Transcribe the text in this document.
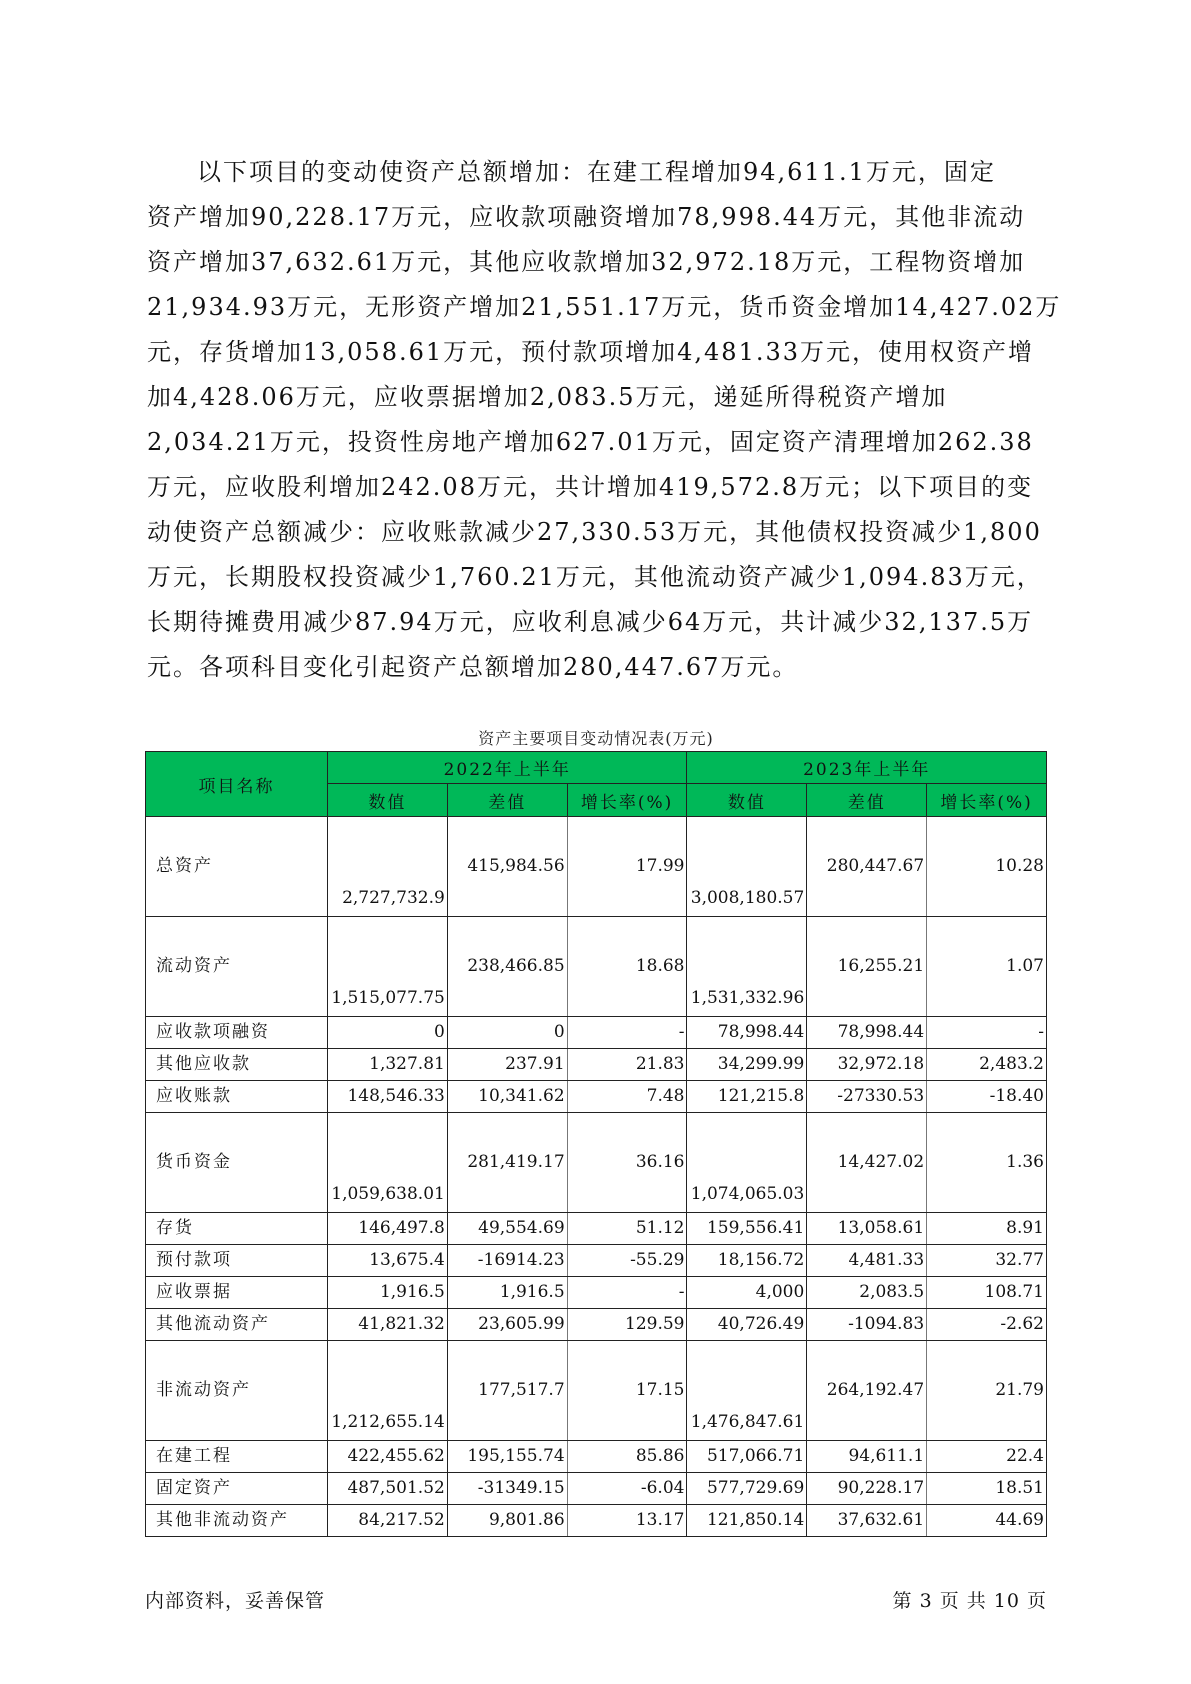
以下项目的变动使资产总额增加：在建工程增加94,611.1万元，固定
资产增加90,228.17万元，应收款项融资增加78,998.44万元，其他非流动
资产增加37,632.61万元，其他应收款增加32,972.18万元，工程物资增加
21,934.93万元，无形资产增加21,551.17万元，货币资金增加14,427.02万
元，存货增加13,058.61万元，预付款项增加4,481.33万元，使用权资产增
加4,428.06万元，应收票据增加2,083.5万元，递延所得税资产增加
2,034.21万元，投资性房地产增加627.01万元，固定资产清理增加262.38
万元，应收股利增加242.08万元，共计增加419,572.8万元；以下项目的变
动使资产总额减少：应收账款减少27,330.53万元，其他债权投资减少1,800
万元，长期股权投资减少1,760.21万元，其他流动资产减少1,094.83万元，
长期待摊费用减少87.94万元，应收利息减少64万元，共计减少32,137.5万
元。各项科目变化引起资产总额增加280,447.67万元。
资产主要项目变动情况表(万元)
项目名称	2022年上半年			2023年上半年		
	数值	差值	增长率(%)	数值	差值	增长率(%)
总资产	2,727,732.9	415,984.56	17.99	3,008,180.57	280,447.67	10.28
流动资产	1,515,077.75	238,466.85	18.68	1,531,332.96	16,255.21	1.07
应收款项融资	0	0	-	78,998.44	78,998.44	-
其他应收款	1,327.81	237.91	21.83	34,299.99	32,972.18	2,483.2
应收账款	148,546.33	10,341.62	7.48	121,215.8	-27330.53	-18.40
货币资金	1,059,638.01	281,419.17	36.16	1,074,065.03	14,427.02	1.36
存货	146,497.8	49,554.69	51.12	159,556.41	13,058.61	8.91
预付款项	13,675.4	-16914.23	-55.29	18,156.72	4,481.33	32.77
应收票据	1,916.5	1,916.5	-	4,000	2,083.5	108.71
其他流动资产	41,821.32	23,605.99	129.59	40,726.49	-1094.83	-2.62
非流动资产	1,212,655.14	177,517.7	17.15	1,476,847.61	264,192.47	21.79
在建工程	422,455.62	195,155.74	85.86	517,066.71	94,611.1	22.4
固定资产	487,501.52	-31349.15	-6.04	577,729.69	90,228.17	18.51
其他非流动资产	84,217.52	9,801.86	13.17	121,850.14	37,632.61	44.69
内部资料，妥善保管	第 3 页 共 10 页
